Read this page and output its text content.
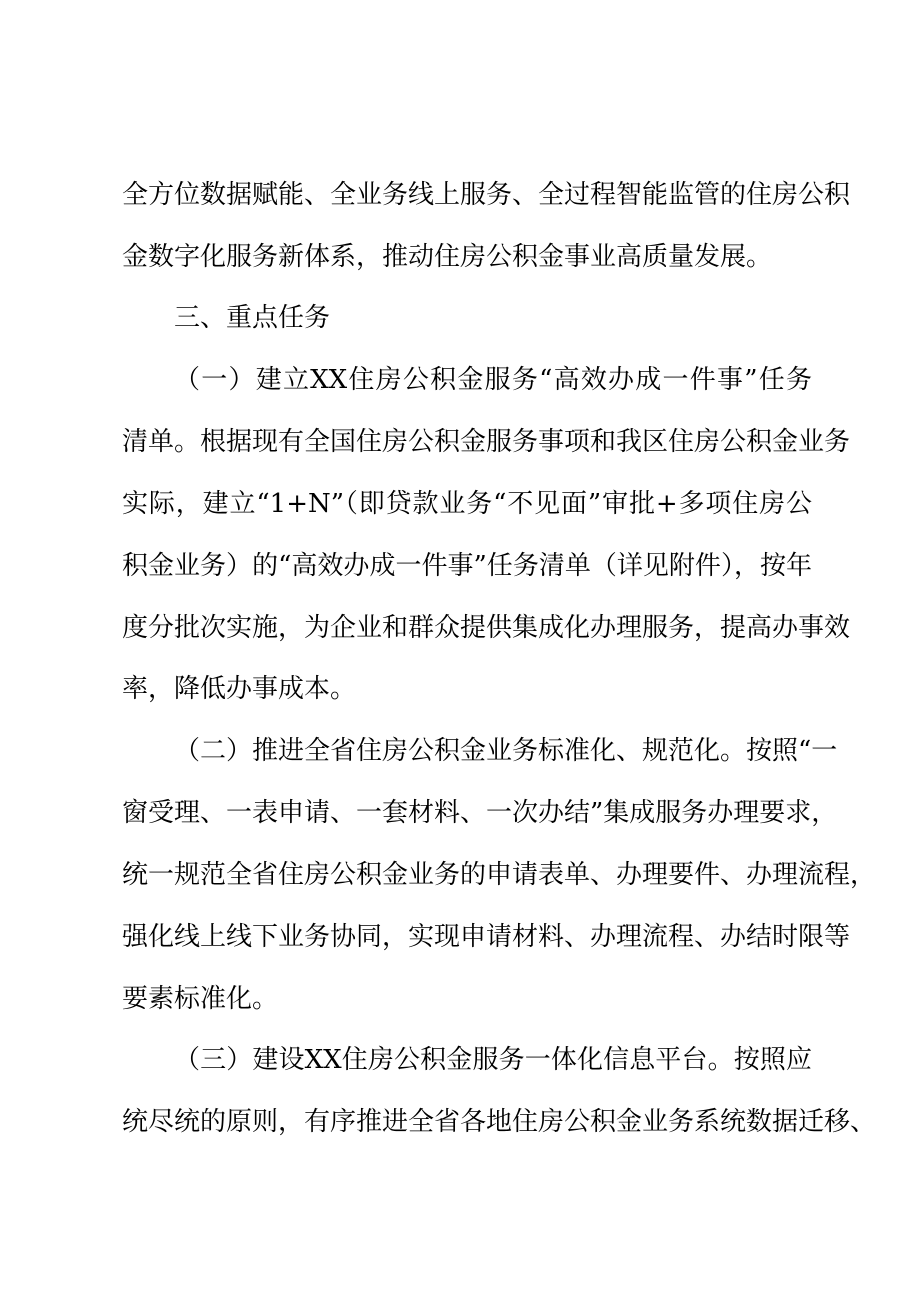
全方位数据赋能、全业务线上服务、全过程智能监管的住房公积
金数字化服务新体系，推动住房公积金事业高质量发展。
三、重点任务
（一）建立XX住房公积金服务“高效办成一件事”任务
清单。根据现有全国住房公积金服务事项和我区住房公积金业务
实际，建立“1+N”（即贷款业务“不见面”审批+多项住房公
积金业务）的“高效办成一件事”任务清单（详见附件），按年
度分批次实施，为企业和群众提供集成化办理服务，提高办事效
率，降低办事成本。
（二）推进全省住房公积金业务标准化、规范化。按照“一
窗受理、一表申请、一套材料、一次办结”集成服务办理要求，
统一规范全省住房公积金业务的申请表单、办理要件、办理流程，
强化线上线下业务协同，实现申请材料、办理流程、办结时限等
要素标准化。
（三）建设XX住房公积金服务一体化信息平台。按照应
统尽统的原则，有序推进全省各地住房公积金业务系统数据迁移、
